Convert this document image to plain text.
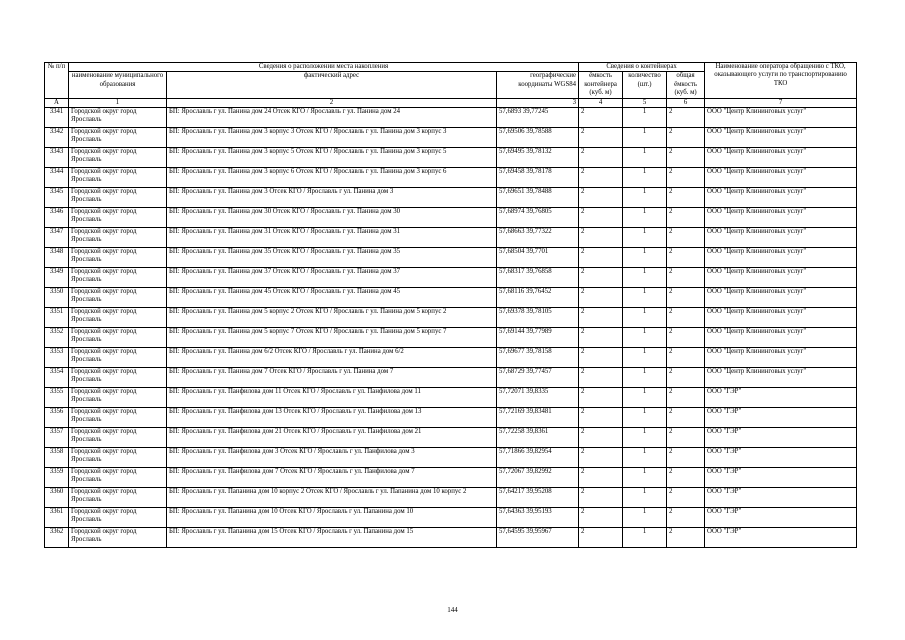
№ п/п	Сведения о расположении места накопления			Сведения о контейнерах			Наименование оператора обращению с ТКО, оказывающего услуги по транспортированию ТКО
	наименование муниципального образования	фактический адрес	географические координаты WGS84	ёмкость контейнера (куб. м)	количество (шт.)	общая ёмкость (куб. м)	
А	1	2	3	4	5	6	7
3341	Городской округ город Ярославль	БП: Ярославль г ул. Панина дом 24 Отсек КГО / Ярославль г ул. Панина дом 24	57,6893 39,77245	2	1	2	ООО "Центр Клининговых услуг"
3342	Городской округ город Ярославль	БП: Ярославль г ул. Панина дом 3 корпус 3 Отсек КГО / Ярославль г ул. Панина дом 3 корпус 3	57,69506 39,78588	2	1	2	ООО "Центр Клининговых услуг"
3343	Городской округ город Ярославль	БП: Ярославль г ул. Панина дом 3 корпус 5 Отсек КГО / Ярославль г ул. Панина дом 3 корпус 5	57,69495 39,78132	2	1	2	ООО "Центр Клининговых услуг"
3344	Городской округ город Ярославль	БП: Ярославль г ул. Панина дом 3 корпус 6 Отсек КГО / Ярославль г ул. Панина дом 3 корпус 6	57,69458 39,78178	2	1	2	ООО "Центр Клининговых услуг"
3345	Городской округ город Ярославль	БП: Ярославль г ул. Панина дом 3 Отсек КГО / Ярославль г ул. Панина дом 3	57,69651 39,78488	2	1	2	ООО "Центр Клининговых услуг"
3346	Городской округ город Ярославль	БП: Ярославль г ул. Панина дом 30 Отсек КГО / Ярославль г ул. Панина дом 30	57,68974 39,76805	2	1	2	ООО "Центр Клининговых услуг"
3347	Городской округ город Ярославль	БП: Ярославль г ул. Панина дом 31 Отсек КГО / Ярославль г ул. Панина дом 31	57,68663 39,77322	2	1	2	ООО "Центр Клининговых услуг"
3348	Городской округ город Ярославль	БП: Ярославль г ул. Панина дом 35 Отсек КГО / Ярославль г ул. Панина дом 35	57,68504 39,7701	2	1	2	ООО "Центр Клининговых услуг"
3349	Городской округ город Ярославль	БП: Ярославль г ул. Панина дом 37 Отсек КГО / Ярославль г ул. Панина дом 37	57,68317 39,76858	2	1	2	ООО "Центр Клининговых услуг"
3350	Городской округ город Ярославль	БП: Ярославль г ул. Панина дом 45 Отсек КГО / Ярославль г ул. Панина дом 45	57,68116 39,76452	2	1	2	ООО "Центр Клининговых услуг"
3351	Городской округ город Ярославль	БП: Ярославль г ул. Панина дом 5 корпус 2 Отсек КГО / Ярославль г ул. Панина дом 5 корпус 2	57,69378 39,78105	2	1	2	ООО "Центр Клининговых услуг"
3352	Городской округ город Ярославль	БП: Ярославль г ул. Панина дом 5 корпус 7 Отсек КГО / Ярославль г ул. Панина дом 5 корпус 7	57,69144 39,77989	2	1	2	ООО "Центр Клининговых услуг"
3353	Городской округ город Ярославль	БП: Ярославль г ул. Панина дом 6/2 Отсек КГО / Ярославль г ул. Панина дом 6/2	57,69677 39,78158	2	1	2	ООО "Центр Клининговых услуг"
3354	Городской округ город Ярославль	БП: Ярославль г ул. Панина дом 7 Отсек КГО / Ярославль г ул. Панина дом 7	57,68729 39,77457	2	1	2	ООО "Центр Клининговых услуг"
3355	Городской округ город Ярославль	БП: Ярославль г ул. Панфилова дом 11 Отсек КГО / Ярославль г ул. Панфилова дом 11	57,72071 39,8335	2	1	2	ООО "ГЭР"
3356	Городской округ город Ярославль	БП: Ярославль г ул. Панфилова дом 13 Отсек КГО / Ярославль г ул. Панфилова дом 13	57,72169 39,83481	2	1	2	ООО "ГЭР"
3357	Городской округ город Ярославль	БП: Ярославль г ул. Панфилова дом 21 Отсек КГО / Ярославль г ул. Панфилова дом 21	57,72258 39,8361	2	1	2	ООО "ГЭР"
3358	Городской округ город Ярославль	БП: Ярославль г ул. Панфилова дом 3 Отсек КГО / Ярославль г ул. Панфилова дом 3	57,71866 39,82954	2	1	2	ООО "ГЭР"
3359	Городской округ город Ярославль	БП: Ярославль г ул. Панфилова дом 7 Отсек КГО / Ярославль г ул. Панфилова дом 7	57,72067 39,82992	2	1	2	ООО "ГЭР"
3360	Городской округ город Ярославль	БП: Ярославль г ул. Папанина дом 10 корпус 2 Отсек КГО / Ярославль г ул. Папанина дом 10 корпус 2	57,64217 39,95208	2	1	2	ООО "ГЭР"
3361	Городской округ город Ярославль	БП: Ярославль г ул. Папанина дом 10 Отсек КГО / Ярославль г ул. Папанина дом 10	57,64363 39,95193	2	1	2	ООО "ГЭР"
3362	Городской округ город Ярославль	БП: Ярославль г ул. Папанина дом 15 Отсек КГО / Ярославль г ул. Папанина дом 15	57,64595 39,95967	2	1	2	ООО "ГЭР"
144
